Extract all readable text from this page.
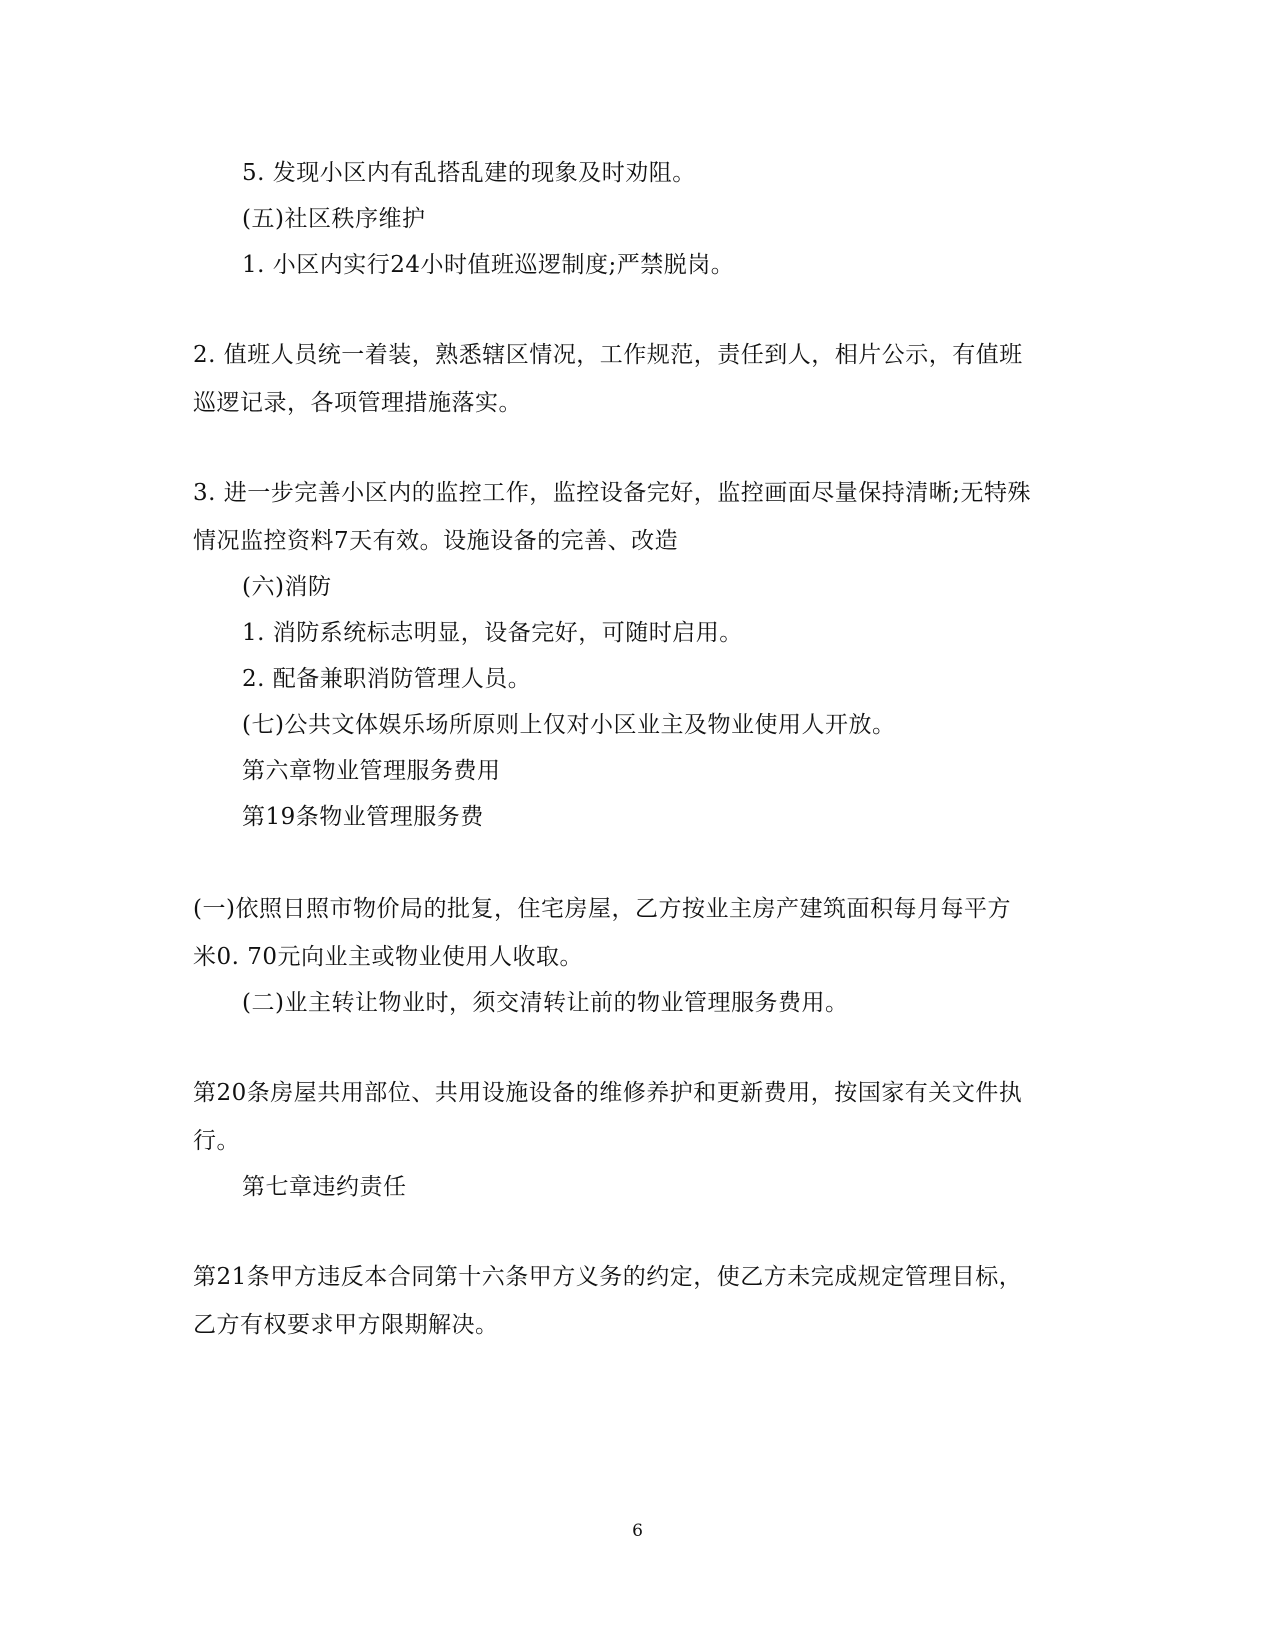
5. 发现小区内有乱搭乱建的现象及时劝阻。
(五)社区秩序维护
1. 小区内实行24小时值班巡逻制度;严禁脱岗。
2. 值班人员统一着装，熟悉辖区情况，工作规范，责任到人，相片公示，有值班
巡逻记录，各项管理措施落实。
3. 进一步完善小区内的监控工作，监控设备完好，监控画面尽量保持清晰;无特殊
情况监控资料7天有效。设施设备的完善、改造
(六)消防
1. 消防系统标志明显，设备完好，可随时启用。
2. 配备兼职消防管理人员。
(七)公共文体娱乐场所原则上仅对小区业主及物业使用人开放。
第六章物业管理服务费用
第19条物业管理服务费
(一)依照日照市物价局的批复，住宅房屋，乙方按业主房产建筑面积每月每平方
米0. 70元向业主或物业使用人收取。
(二)业主转让物业时，须交清转让前的物业管理服务费用。
第20条房屋共用部位、共用设施设备的维修养护和更新费用，按国家有关文件执
行。
第七章违约责任
第21条甲方违反本合同第十六条甲方义务的约定，使乙方未完成规定管理目标，
乙方有权要求甲方限期解决。
6
